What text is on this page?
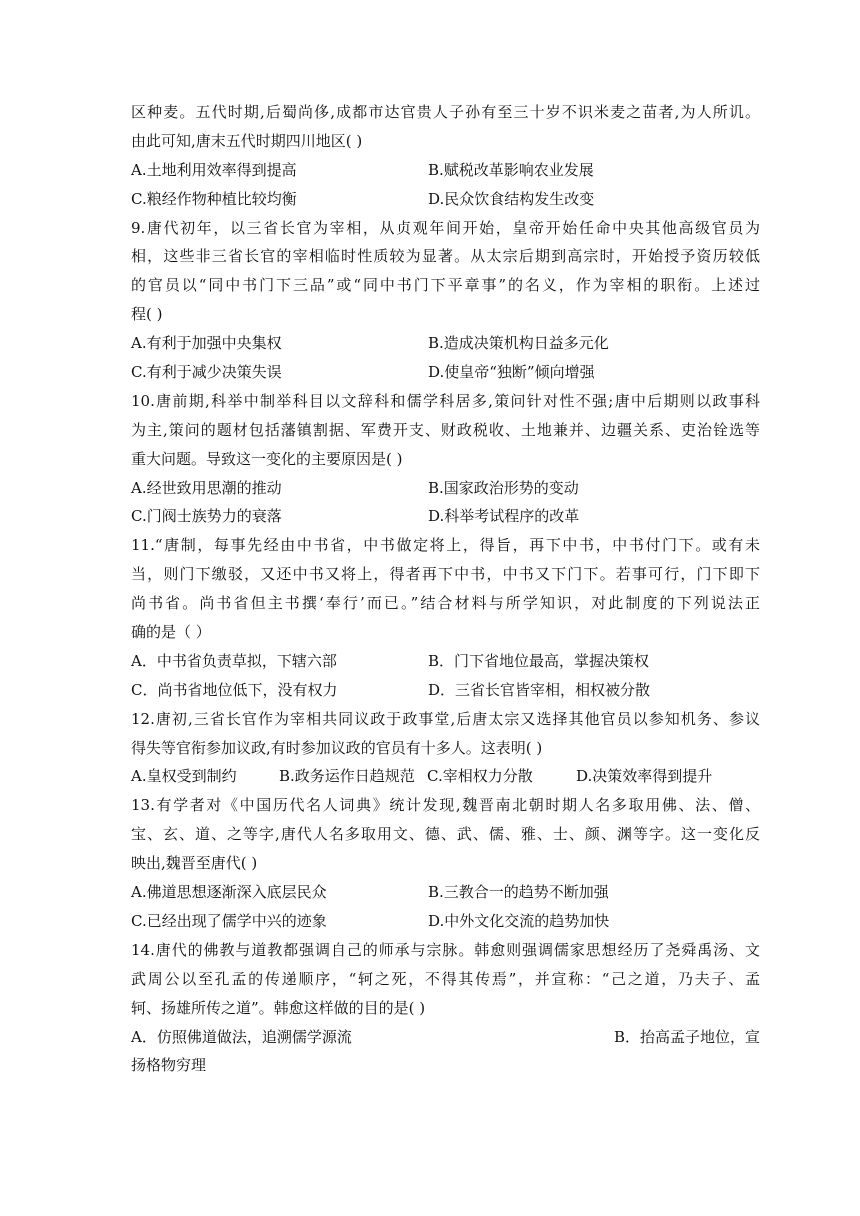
区种麦。五代时期,后蜀尚侈,成都市达官贵人子孙有至三十岁不识米麦之苗者,为人所讥。
由此可知,唐末五代时期四川地区( )
A.土地利用效率得到提高	B.赋税改革影响农业发展
C.粮经作物种植比较均衡	D.民众饮食结构发生改变
9.唐代初年，以三省长官为宰相，从贞观年间开始，皇帝开始任命中央其他高级官员为
相，这些非三省长官的宰相临时性质较为显著。从太宗后期到高宗时，开始授予资历较低
的官员以“同中书门下三品”或“同中书门下平章事”的名义，作为宰相的职衔。上述过
程( )
A.有利于加强中央集权	B.造成决策机构日益多元化
C.有利于减少决策失误	D.使皇帝“独断”倾向增强
10.唐前期,科举中制举科目以文辞科和儒学科居多,策问针对性不强;唐中后期则以政事科
为主,策问的题材包括藩镇割据、军费开支、财政税收、土地兼并、边疆关系、吏治铨选等
重大问题。导致这一变化的主要原因是( )
A.经世致用思潮的推动	B.国家政治形势的变动
C.门阀士族势力的衰落	D.科举考试程序的改革
11.“唐制，每事先经由中书省，中书做定将上，得旨，再下中书，中书付门下。或有未
当，则门下缴驳，又还中书又将上，得者再下中书，中书又下门下。若事可行，门下即下
尚书省。尚书省但主书撰‘奉行’而已。”结合材料与所学知识，对此制度的下列说法正
确的是（ ）
A．中书省负责草拟，下辖六部	B．门下省地位最高，掌握决策权
C．尚书省地位低下，没有权力	D．三省长官皆宰相，相权被分散
12.唐初,三省长官作为宰相共同议政于政事堂,后唐太宗又选择其他官员以参知机务、参议
得失等官衔参加议政,有时参加议政的官员有十多人。这表明( )
A.皇权受到制约	B.政务运作日趋规范 C.宰相权力分散	D.决策效率得到提升
13.有学者对《中国历代名人词典》统计发现,魏晋南北朝时期人名多取用佛、法、僧、
宝、玄、道、之等字,唐代人名多取用文、德、武、儒、雅、士、颜、渊等字。这一变化反
映出,魏晋至唐代( )
A.佛道思想逐渐深入底层民众	B.三教合一的趋势不断加强
C.已经出现了儒学中兴的迹象	D.中外文化交流的趋势加快
14.唐代的佛教与道教都强调自己的师承与宗脉。韩愈则强调儒家思想经历了尧舜禹汤、文
武周公以至孔孟的传递顺序，“轲之死，不得其传焉”，并宣称：“己之道，乃夫子、孟
轲、扬雄所传之道”。韩愈这样做的目的是( )
A．仿照佛道做法，追溯儒学源流	B．抬高孟子地位，宣
扬格物穷理
